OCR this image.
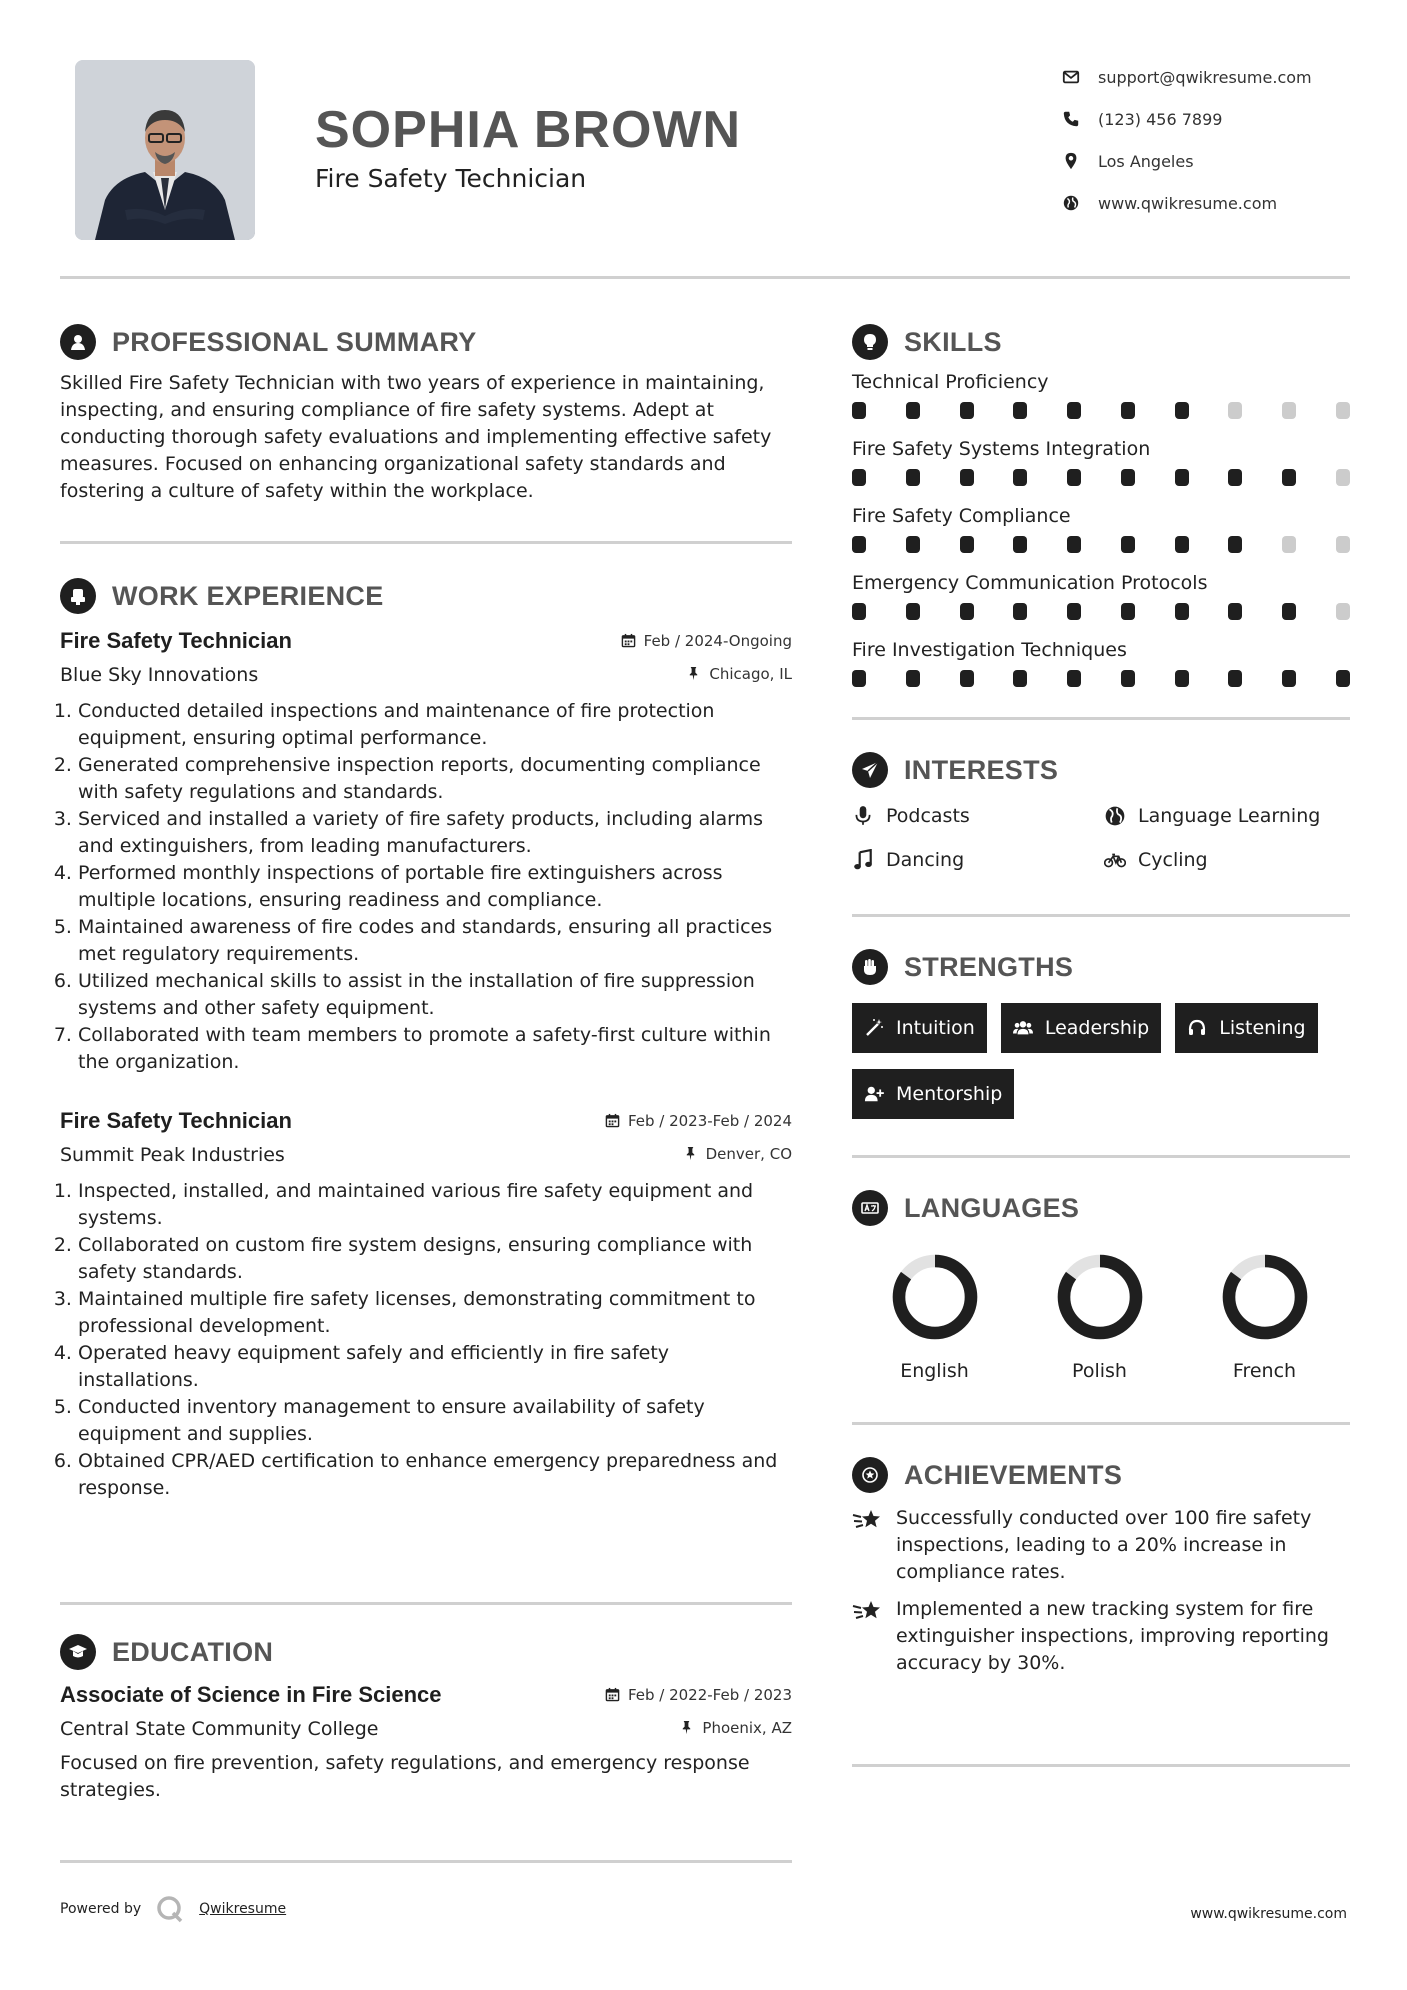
SOPHIA BROWN
Fire Safety Technician
support@qwikresume.com
(123) 456 7899
Los Angeles
www.qwikresume.com
PROFESSIONAL SUMMARY

Skilled Fire Safety Technician with two years of experience in maintaining, inspecting, and ensuring compliance of fire safety systems. Adept at conducting thorough safety evaluations and implementing effective safety measures. Focused on enhancing organizational safety standards and fostering a culture of safety within the workplace.

WORK EXPERIENCE
Fire Safety Technician	Feb / 2024-Ongoing
Blue Sky Innovations	Chicago, IL
1. Conducted detailed inspections and maintenance of fire protection equipment, ensuring optimal performance.
2. Generated comprehensive inspection reports, documenting compliance with safety regulations and standards.
3. Serviced and installed a variety of fire safety products, including alarms and extinguishers, from leading manufacturers.
4. Performed monthly inspections of portable fire extinguishers across multiple locations, ensuring readiness and compliance.
5. Maintained awareness of fire codes and standards, ensuring all practices met regulatory requirements.
6. Utilized mechanical skills to assist in the installation of fire suppression systems and other safety equipment.
7. Collaborated with team members to promote a safety-first culture within the organization.
Fire Safety Technician	Feb / 2023-Feb / 2024
Summit Peak Industries	Denver, CO
1. Inspected, installed, and maintained various fire safety equipment and systems.
2. Collaborated on custom fire system designs, ensuring compliance with safety standards.
3. Maintained multiple fire safety licenses, demonstrating commitment to professional development.
4. Operated heavy equipment safely and efficiently in fire safety installations.
5. Conducted inventory management to ensure availability of safety equipment and supplies.
6. Obtained CPR/AED certification to enhance emergency preparedness and response.
EDUCATION
Associate of Science in Fire Science	Feb / 2022-Feb / 2023
Central State Community College	Phoenix, AZ

Focused on fire prevention, safety regulations, and emergency response strategies.

SKILLS
Technical Proficiency
Fire Safety Systems Integration
Fire Safety Compliance
Emergency Communication Protocols
Fire Investigation Techniques
INTERESTS
Podcasts	Language Learning
Dancing	Cycling
STRENGTHS
Intuition	Leadership	Listening
Mentorship
LANGUAGES
English	Polish	French
ACHIEVEMENTS
Successfully conducted over 100 fire safety inspections, leading to a 20% increase in compliance rates.
Implemented a new tracking system for fire extinguisher inspections, improving reporting accuracy by 30%.
Powered by	Qwikresume	www.qwikresume.com
